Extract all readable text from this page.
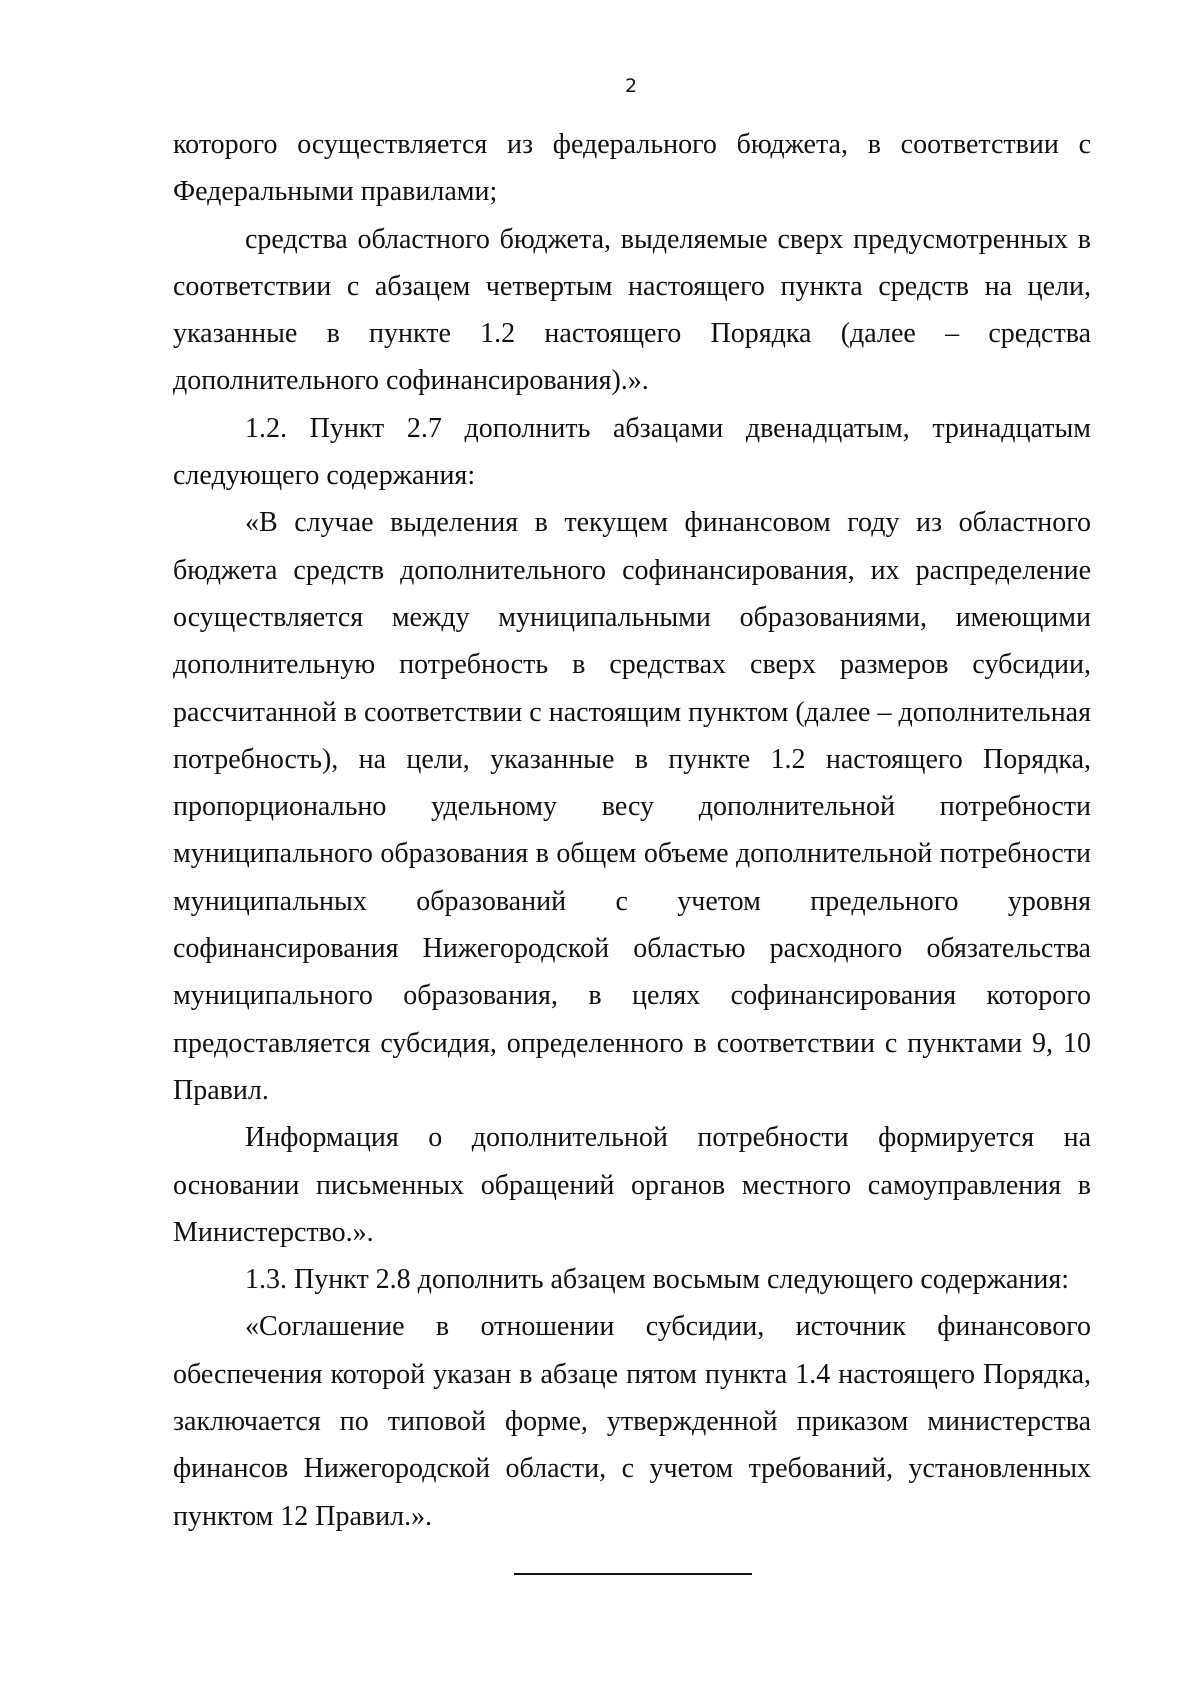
2

которого осуществляется из федерального бюджета, в соответствии с Федеральными правилами;

средства областного бюджета, выделяемые сверх предусмотренных в соответствии с абзацем четвертым настоящего пункта средств на цели, указанные в пункте 1.2 настоящего Порядка (далее – средства дополнительного софинансирования).».

1.2. Пункт 2.7 дополнить абзацами двенадцатым, тринадцатым следующего содержания:

«В случае выделения в текущем финансовом году из областного бюджета средств дополнительного софинансирования, их распределение осуществляется между муниципальными образованиями, имеющими дополнительную потребность в средствах сверх размеров субсидии, рассчитанной в соответствии с настоящим пунктом (далее – дополнительная потребность), на цели, указанные в пункте 1.2 настоящего Порядка, пропорционально удельному весу дополнительной потребности муниципального образования в общем объеме дополнительной потребности муниципальных образований с учетом предельного уровня софинансирования Нижегородской областью расходного обязательства муниципального образования, в целях софинансирования которого предоставляется субсидия, определенного в соответствии с пунктами 9, 10 Правил.

Информация о дополнительной потребности формируется на основании письменных обращений органов местного самоуправления в Министерство.».

1.3. Пункт 2.8 дополнить абзацем восьмым следующего содержания:

«Соглашение в отношении субсидии, источник финансового обеспечения которой указан в абзаце пятом пункта 1.4 настоящего Порядка, заключается по типовой форме, утвержденной приказом министерства финансов Нижегородской области, с учетом требований, установленных пунктом 12 Правил.».
